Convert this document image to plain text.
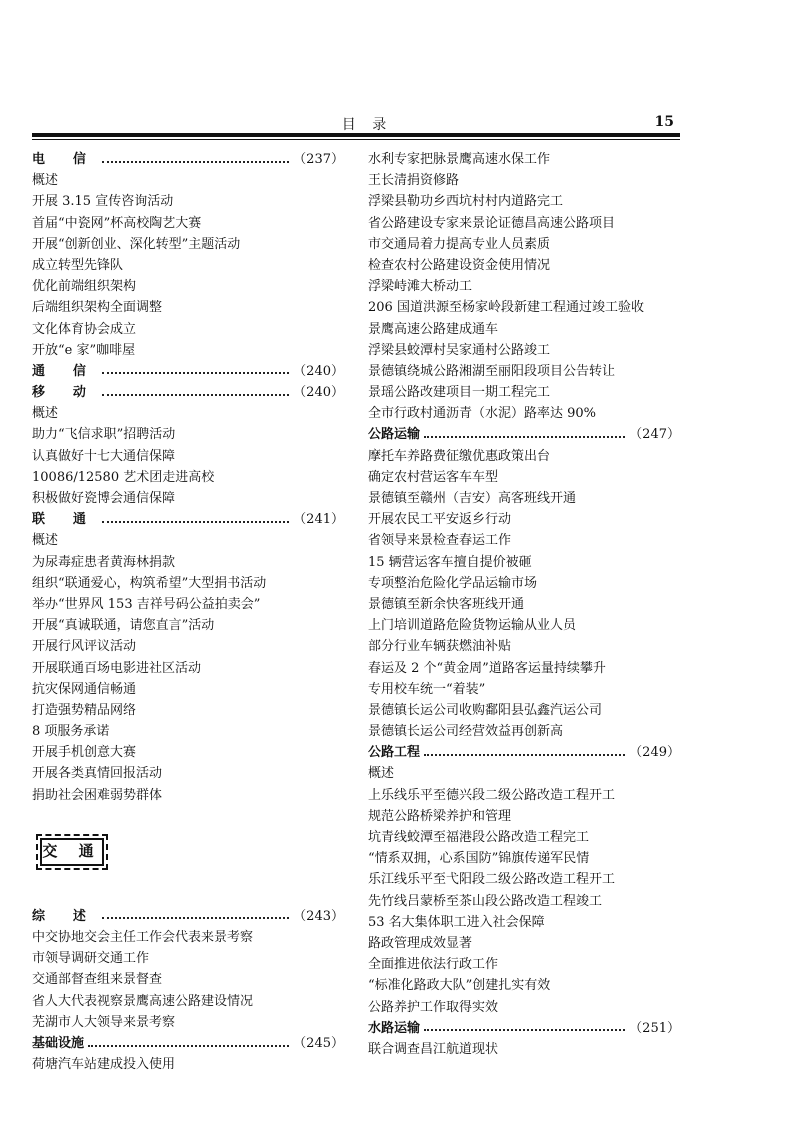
目 录	15
电 信	（237）
概述
开展 3.15 宣传咨询活动
首届“中瓷网”杯高校陶艺大赛
开展“创新创业、深化转型”主题活动
成立转型先锋队
优化前端组织架构
后端组织架构全面调整
文化体育协会成立
开放“e 家”咖啡屋
通 信	（240）
移 动	（240）
概述
助力“飞信求职”招聘活动
认真做好十七大通信保障
10086/12580 艺术团走进高校
积极做好瓷博会通信保障
联 通	（241）
概述
为尿毒症患者黄海林捐款
组织“联通爱心，构筑希望”大型捐书活动
举办“世界风 153 吉祥号码公益拍卖会”
开展“真诚联通，请您直言”活动
开展行风评议活动
开展联通百场电影进社区活动
抗灾保网通信畅通
打造强势精品网络
8 项服务承诺
开展手机创意大赛
开展各类真情回报活动
捐助社会困难弱势群体
交 通
综 述	（243）
中交协地交会主任工作会代表来景考察
市领导调研交通工作
交通部督查组来景督查
省人大代表视察景鹰高速公路建设情况
芜湖市人大领导来景考察
基础设施	（245）
荷塘汽车站建成投入使用
水利专家把脉景鹰高速水保工作
王长清捐资修路
浮梁县勒功乡西坑村村内道路完工
省公路建设专家来景论证德昌高速公路项目
市交通局着力提高专业人员素质
检查农村公路建设资金使用情况
浮梁峙滩大桥动工
206 国道洪源至杨家岭段新建工程通过竣工验收
景鹰高速公路建成通车
浮梁县蛟潭村吴家通村公路竣工
景德镇绕城公路湘湖至丽阳段项目公告转让
景瑶公路改建项目一期工程完工
全市行政村通沥青（水泥）路率达 90%
公路运输	（247）
摩托车养路费征缴优惠政策出台
确定农村营运客车车型
景德镇至赣州（吉安）高客班线开通
开展农民工平安返乡行动
省领导来景检查春运工作
15 辆营运客车擅自提价被砸
专项整治危险化学品运输市场
景德镇至新余快客班线开通
上门培训道路危险货物运输从业人员
部分行业车辆获燃油补贴
春运及 2 个“黄金周”道路客运量持续攀升
专用校车统一“着装”
景德镇长运公司收购鄱阳县弘鑫汽运公司
景德镇长运公司经营效益再创新高
公路工程	（249）
概述
上乐线乐平至德兴段二级公路改造工程开工
规范公路桥梁养护和管理
坑青线蛟潭至福港段公路改造工程完工
“情系双拥，心系国防”锦旗传递军民情
乐江线乐平至弋阳段二级公路改造工程开工
先竹线吕蒙桥至茶山段公路改造工程竣工
53 名大集体职工进入社会保障
路政管理成效显著
全面推进依法行政工作
“标准化路政大队”创建扎实有效
公路养护工作取得实效
水路运输	（251）
联合调查昌江航道现状
